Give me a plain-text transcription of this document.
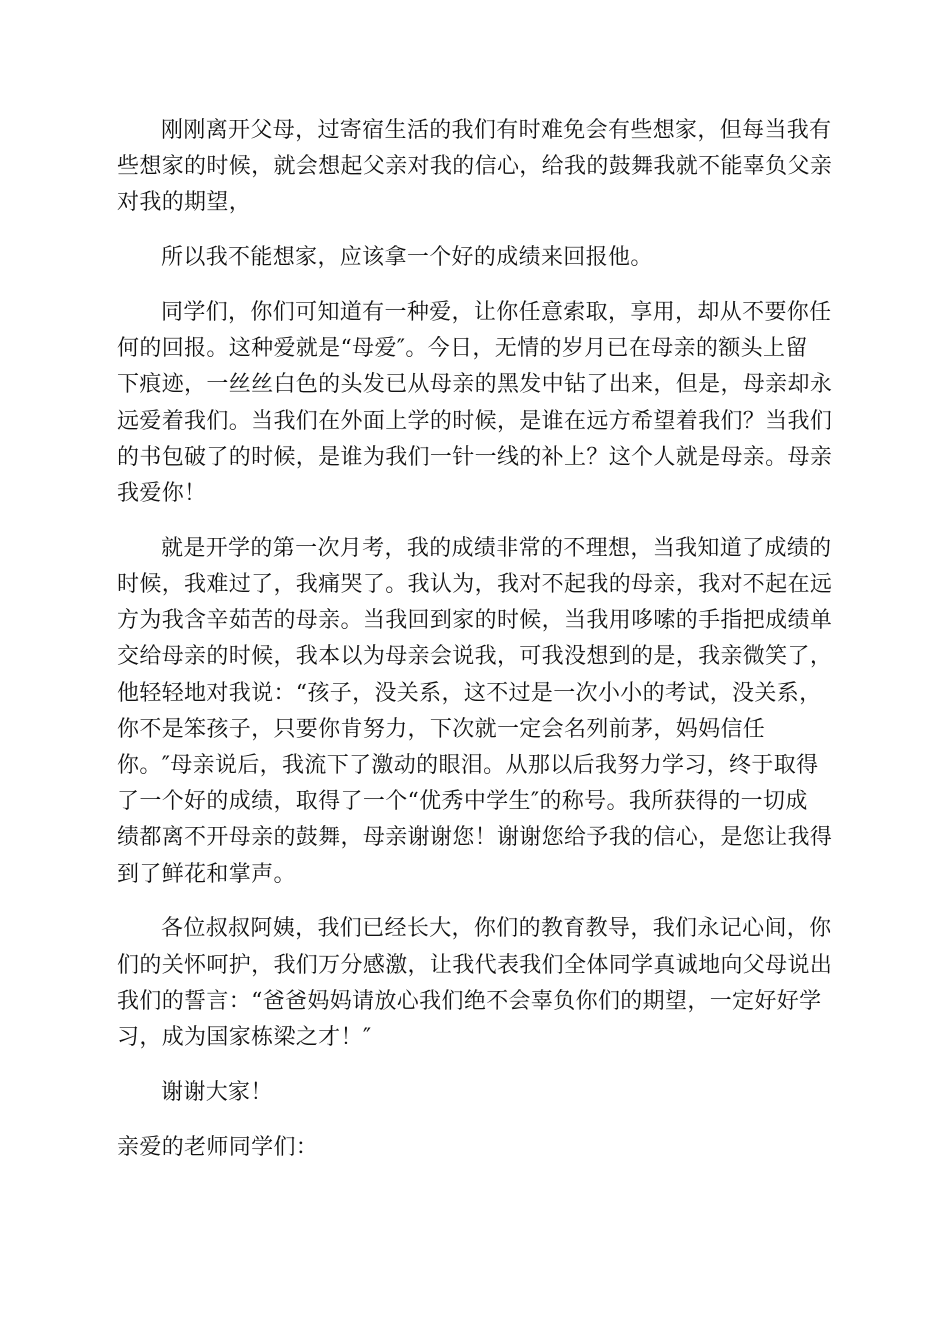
刚刚离开父母，过寄宿生活的我们有时难免会有些想家，但每当我有
些想家的时候，就会想起父亲对我的信心，给我的鼓舞我就不能辜负父亲
对我的期望，

所以我不能想家，应该拿一个好的成绩来回报他。

同学们，你们可知道有一种爱，让你任意索取，享用，却从不要你任
何的回报。这种爱就是“母爱″。今日，无情的岁月已在母亲的额头上留
下痕迹，一丝丝白色的头发已从母亲的黑发中钻了出来，但是，母亲却永
远爱着我们。当我们在外面上学的时候，是谁在远方希望着我们？当我们
的书包破了的时候，是谁为我们一针一线的补上？这个人就是母亲。母亲
我爱你！

就是开学的第一次月考，我的成绩非常的不理想，当我知道了成绩的
时候，我难过了，我痛哭了。我认为，我对不起我的母亲，我对不起在远
方为我含辛茹苦的母亲。当我回到家的时候，当我用哆嗦的手指把成绩单
交给母亲的时候，我本以为母亲会说我，可我没想到的是，我亲微笑了，
他轻轻地对我说：“孩子，没关系，这不过是一次小小的考试，没关系，
你不是笨孩子，只要你肯努力，下次就一定会名列前茅，妈妈信任
你。″母亲说后，我流下了激动的眼泪。从那以后我努力学习，终于取得
了一个好的成绩，取得了一个“优秀中学生″的称号。我所获得的一切成
绩都离不开母亲的鼓舞，母亲谢谢您！谢谢您给予我的信心，是您让我得
到了鲜花和掌声。

各位叔叔阿姨，我们已经长大，你们的教育教导，我们永记心间，你
们的关怀呵护，我们万分感激，让我代表我们全体同学真诚地向父母说出
我们的誓言：“爸爸妈妈请放心我们绝不会辜负你们的期望，一定好好学
习，成为国家栋梁之才！″

谢谢大家！

亲爱的老师同学们：
